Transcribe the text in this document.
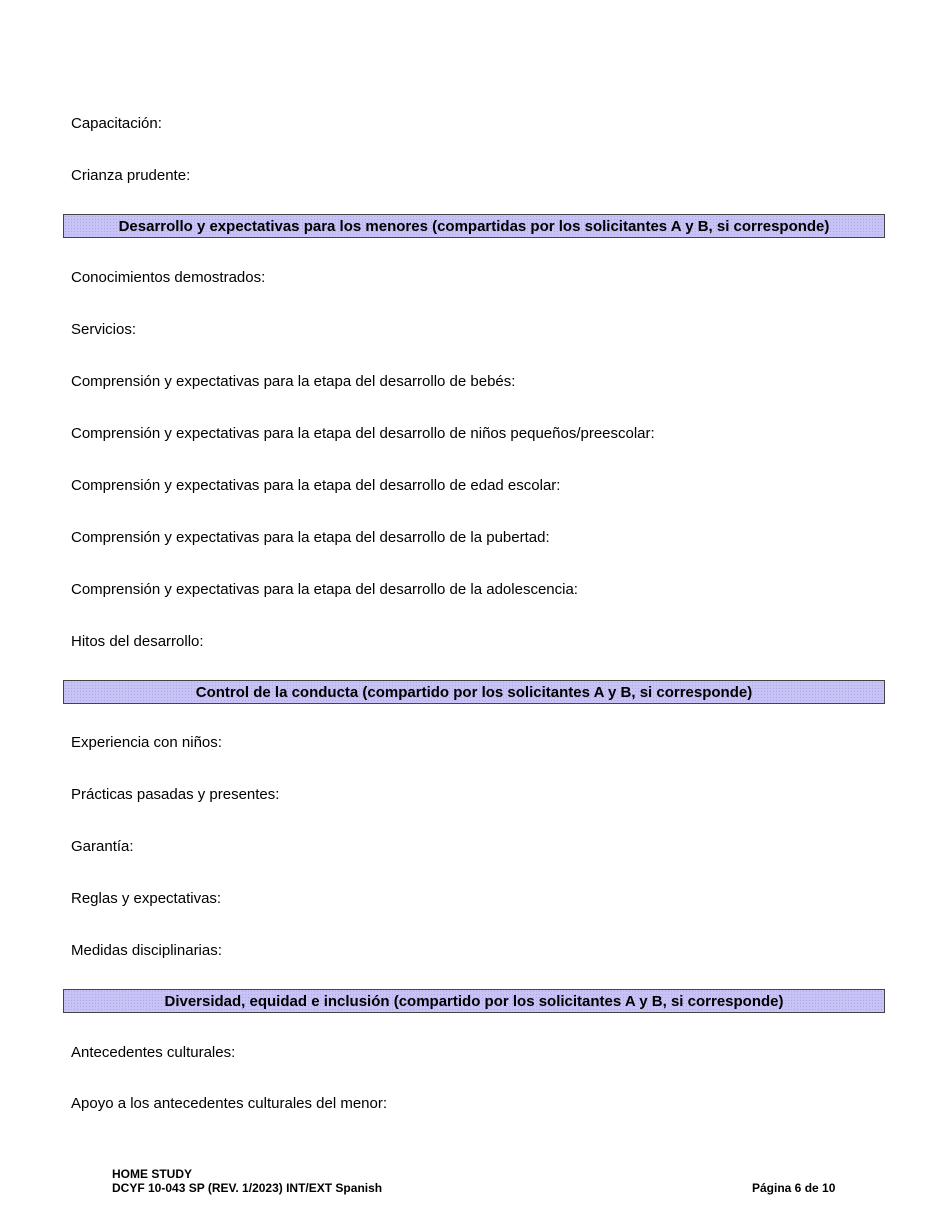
Capacitación:
Crianza prudente:
Desarrollo y expectativas para los menores (compartidas por los solicitantes A y B, si corresponde)
Conocimientos demostrados:
Servicios:
Comprensión y expectativas para la etapa del desarrollo de bebés:
Comprensión y expectativas para la etapa del desarrollo de niños pequeños/preescolar:
Comprensión y expectativas para la etapa del desarrollo de edad escolar:
Comprensión y expectativas para la etapa del desarrollo de la pubertad:
Comprensión y expectativas para la etapa del desarrollo de la adolescencia:
Hitos del desarrollo:
Control de la conducta (compartido por los solicitantes A y B, si corresponde)
Experiencia con niños:
Prácticas pasadas y presentes:
Garantía:
Reglas y expectativas:
Medidas disciplinarias:
Diversidad, equidad e inclusión (compartido por los solicitantes A y B, si corresponde)
Antecedentes culturales:
Apoyo a los antecedentes culturales del menor:
HOME STUDY
DCYF 10-043 SP (REV. 1/2023) INT/EXT Spanish	Página 6 de 10
